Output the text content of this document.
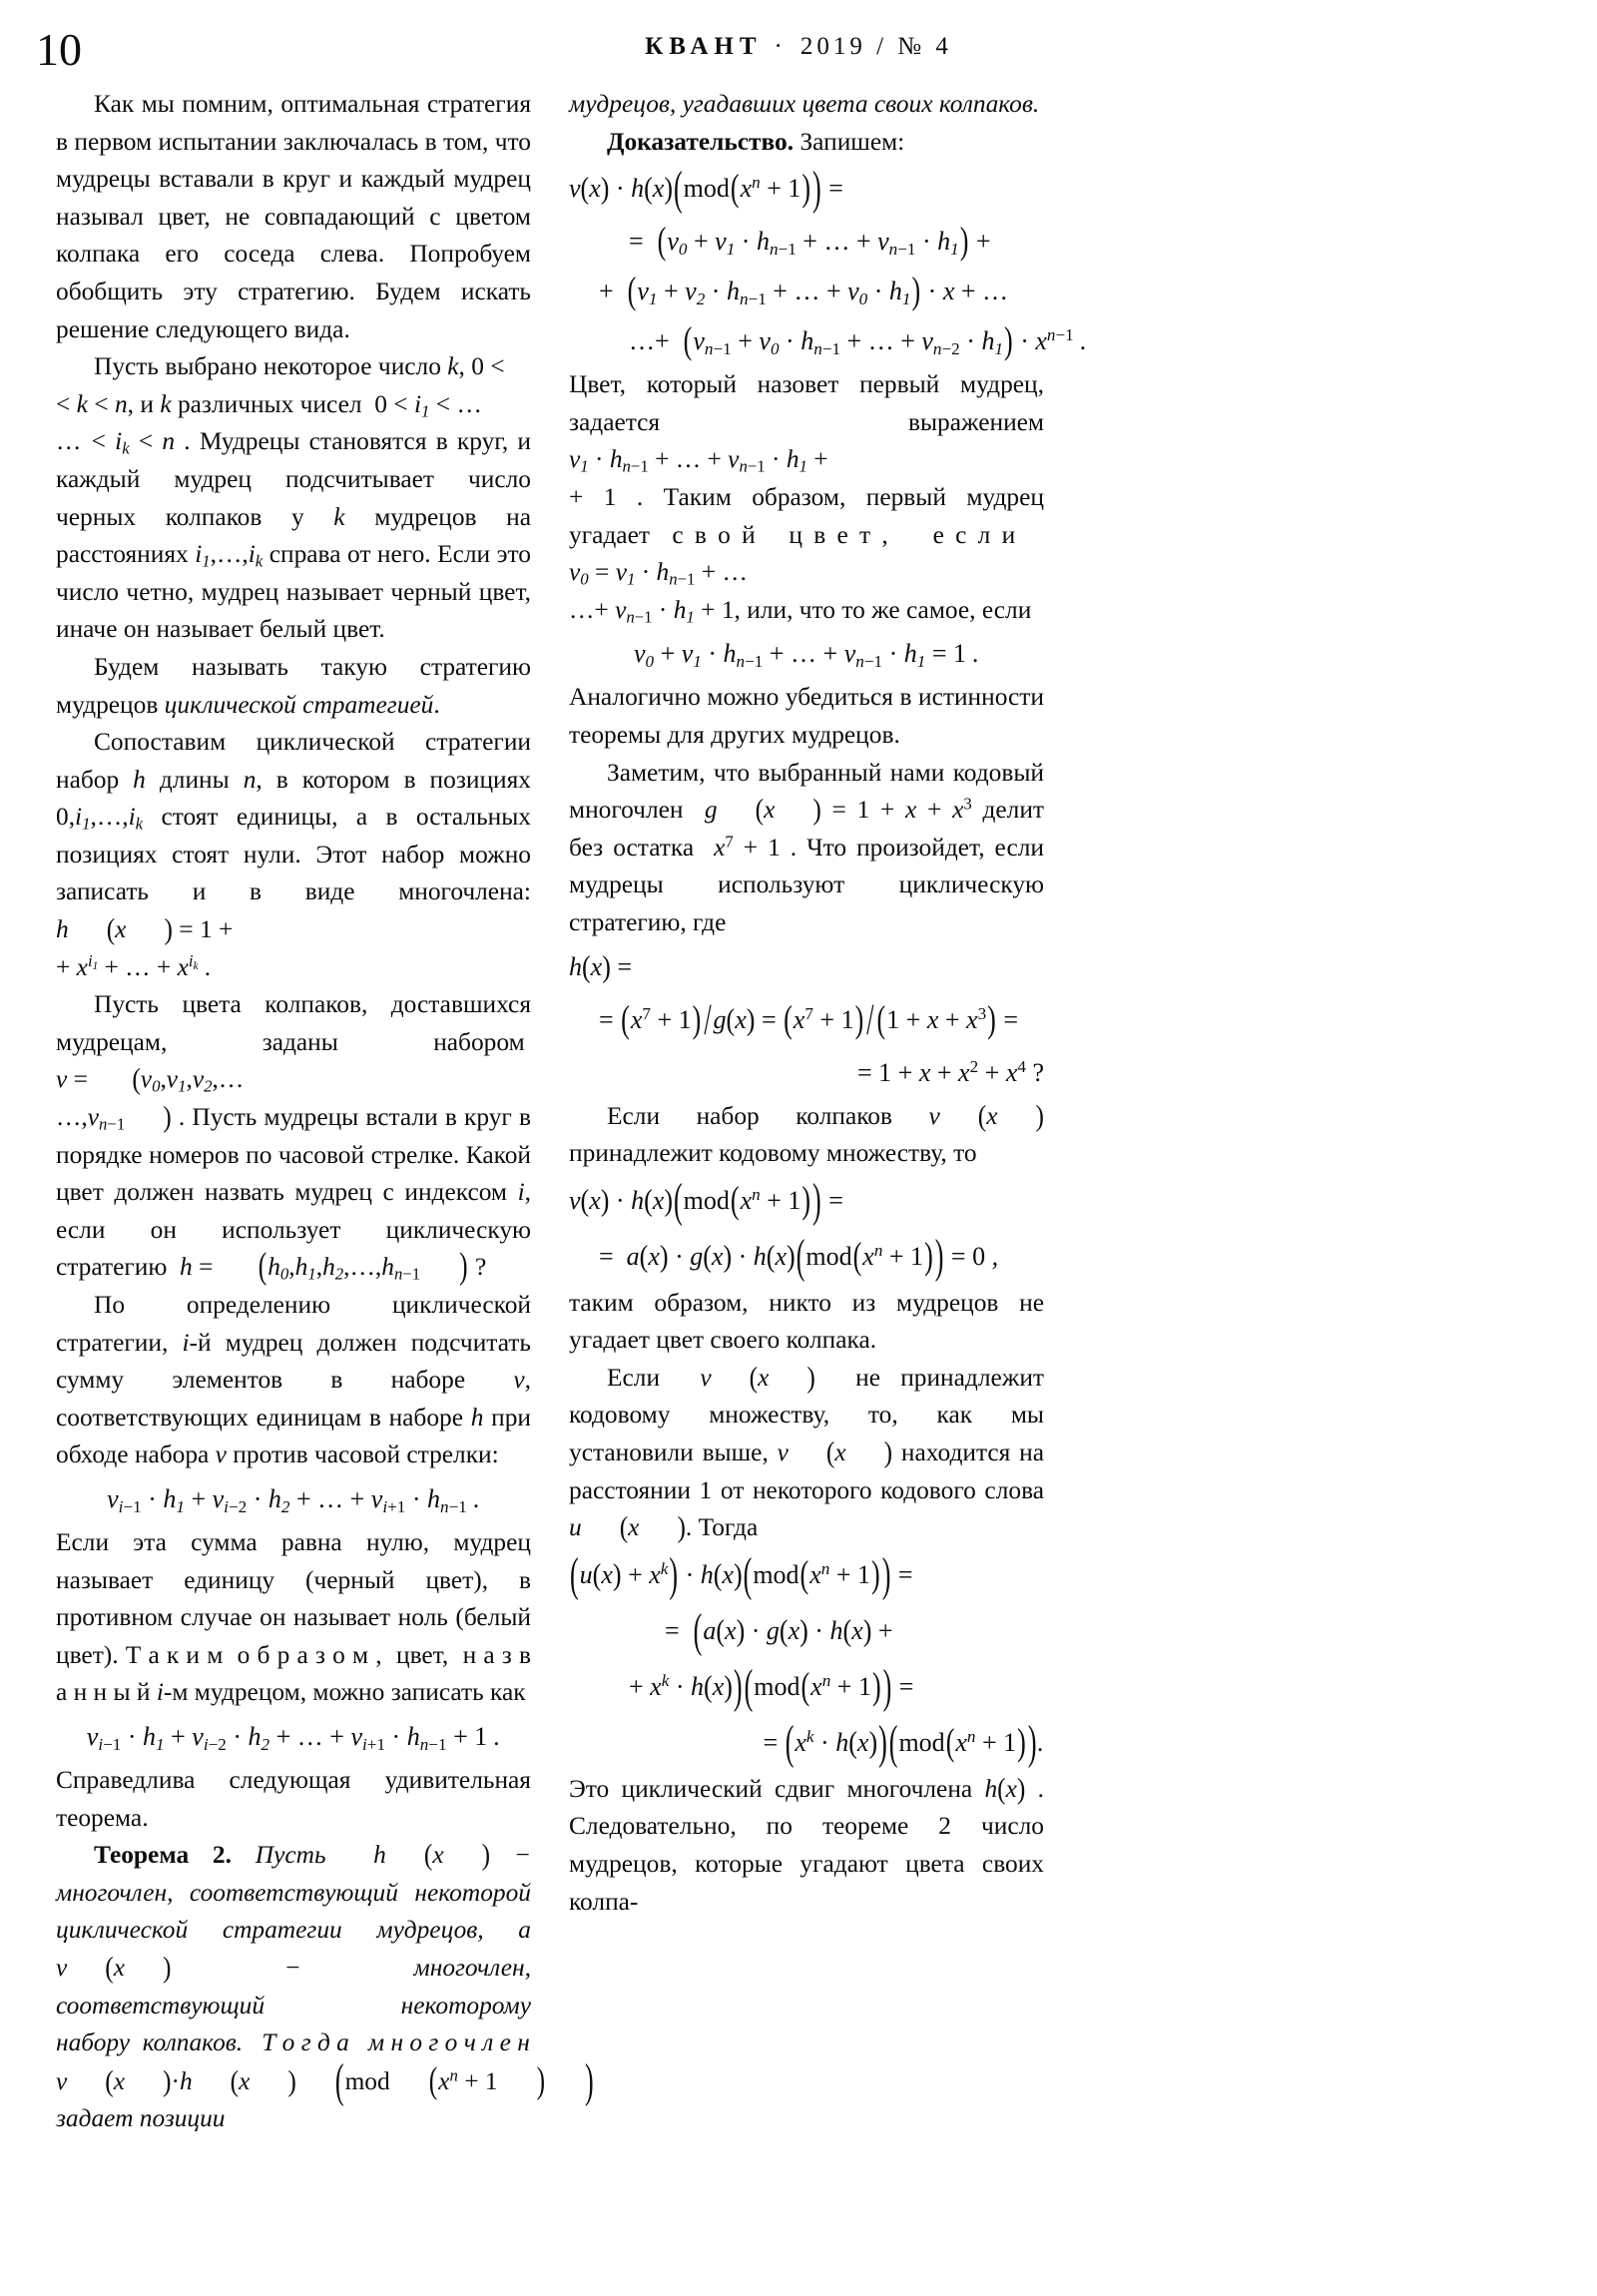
10	КВАНТ · 2019 / № 4

Как мы помним, оптимальная стратегия в первом испытании заключалась в том, что мудрецы вставали в круг и каждый мудрец называл цвет, не совпадающий с цветом колпака его соседа слева. Попробуем обобщить эту стратегию. Будем искать решение следующего вида.

Пусть выбрано некоторое число k, 0 <

< k < n, и k различных чисел  $0 < i_1$ < …
… < $i_k < n$ . Мудрецы становятся в круг, и каждый мудрец подсчитывает число черных колпаков у k мудрецов на расстояниях $i_1,\dots,i_k$ справа от него. Если это число четно, мудрец называет черный цвет, иначе он называет белый цвет.

Будем называть такую стратегию мудрецов циклической стратегией.

Сопоставим циклической стратегии набор h длины n, в котором в позициях $0,i_1,\dots,i_k$ стоят единицы, а в остальных позициях стоят нули. Этот набор можно записать и в виде многочлена: h (x ) = 1 +
+ $x^{i_1}$ + … + $x^{i_k}$ .

Пусть цвета колпаков, доставшихся мудрецам, заданы набором  $v = (v_0,v_1,v_2,\dots$
$\dots,v_{n-1}$ ) . Пусть мудрецы встали в круг в порядке номеров по часовой стрелке. Какой цвет должен назвать мудрец с индексом i, если он использует циклическую стратегию  $h = (h_0,h_1,h_2,\dots,h_{n-1}$ ) ?

По определению циклической стратегии, i-й мудрец должен подсчитать сумму элементов в наборе v, соответствующих единицам в наборе h при обходе набора v против часовой стрелки:

$v_{i-1} \cdot h_1 + v_{i-2} \cdot h_2$ + … + $v_{i+1} \cdot h_{n-1}$ .

Если эта сумма равна нулю, мудрец называет единицу (черный цвет), в противном случае он называет ноль (белый цвет). Т а к и м  о б р а з о м ,  цвет,  н а з в а н н ы й i-м мудрецом, можно записать как

$v_{i-1} \cdot h_1 + v_{i-2} \cdot h_2$ + … + $v_{i+1} \cdot h_{n-1} + 1$ .

Справедлива следующая удивительная теорема.

Теорема 2. Пусть  h (x ) − многочлен, соответствующий некоторой циклической стратегии мудрецов, а v (x ) − многочлен, соответствующий некоторому набору  колпаков.   Т о г д а   м н о г о ч л е н
v (x )·h (x ) (mod ($x^n + 1$ ) ) задает позиции

мудрецов, угадавших цвета своих колпаков.

Доказательство. Запишем:

$v(x) \cdot h(x)(mod(x^n + 1))$ =

= ($v_0 + v_1 \cdot h_{n-1}$ + … + $v_{n-1} \cdot h_1$) +

+ ($v_1 + v_2 \cdot h_{n-1}$ + … + $v_0 \cdot h_1) \cdot x$ + …

…+ ($v_{n-1} + v_0 \cdot h_{n-1}$ + … + $v_{n-2} \cdot h_1) \cdot x^{n-1}$ .

Цвет, который назовет первый мудрец, задается выражением $v_1 \cdot h_{n-1}$ + … + $v_{n-1} \cdot h_1$ +
+ 1 . Таким образом, первый мудрец угадает  с в о й   ц в е т ,    е с л и    $v_0 = v_1 \cdot h_{n-1}$ + …
…+ $v_{n-1} \cdot h_1 + 1$, или, что то же самое, если

$v_0 + v_1 \cdot h_{n-1}$ + … + $v_{n-1} \cdot h_1 = 1$ .

Аналогично можно убедиться в истинности теоремы для других мудрецов.

Заметим, что выбранный нами кодовый многочлен  g (x ) = $1 + x + x^3$ делит без остатка  $x^7 + 1$ . Что произойдет, если мудрецы используют циклическую стратегию, где

h(x) =

= $(x^7 + 1) /g(x) = (x^7 + 1) / (1 + x + x^3)$ =

= $1 + x + x^2 + x^4$ ?

Если набор колпаков v (x ) принадлежит кодовому множеству, то

$v(x) \cdot h(x)(mod(x^n + 1))$ =

=  $a(x) \cdot g(x) \cdot h(x)(mod(x^n + 1)) = 0$ ,

таким образом, никто из мудрецов не угадает цвет своего колпака.

Если  v (x )  не принадлежит кодовому множеству, то, как мы установили выше, v (x ) находится на расстоянии 1 от некоторого кодового слова u (x ). Тогда

$(u(x) + x^k) \cdot h(x)(mod(x^n + 1))$ =

= (a(x) · g(x) · h(x) +

+ $x^k \cdot h(x))(mod(x^n + 1))$ =

= $(x^k \cdot h(x))(mod(x^n + 1))$.

Это циклический сдвиг многочлена h(x) . Следовательно, по теореме 2 число мудрецов, которые угадают цвета своих колпа-
